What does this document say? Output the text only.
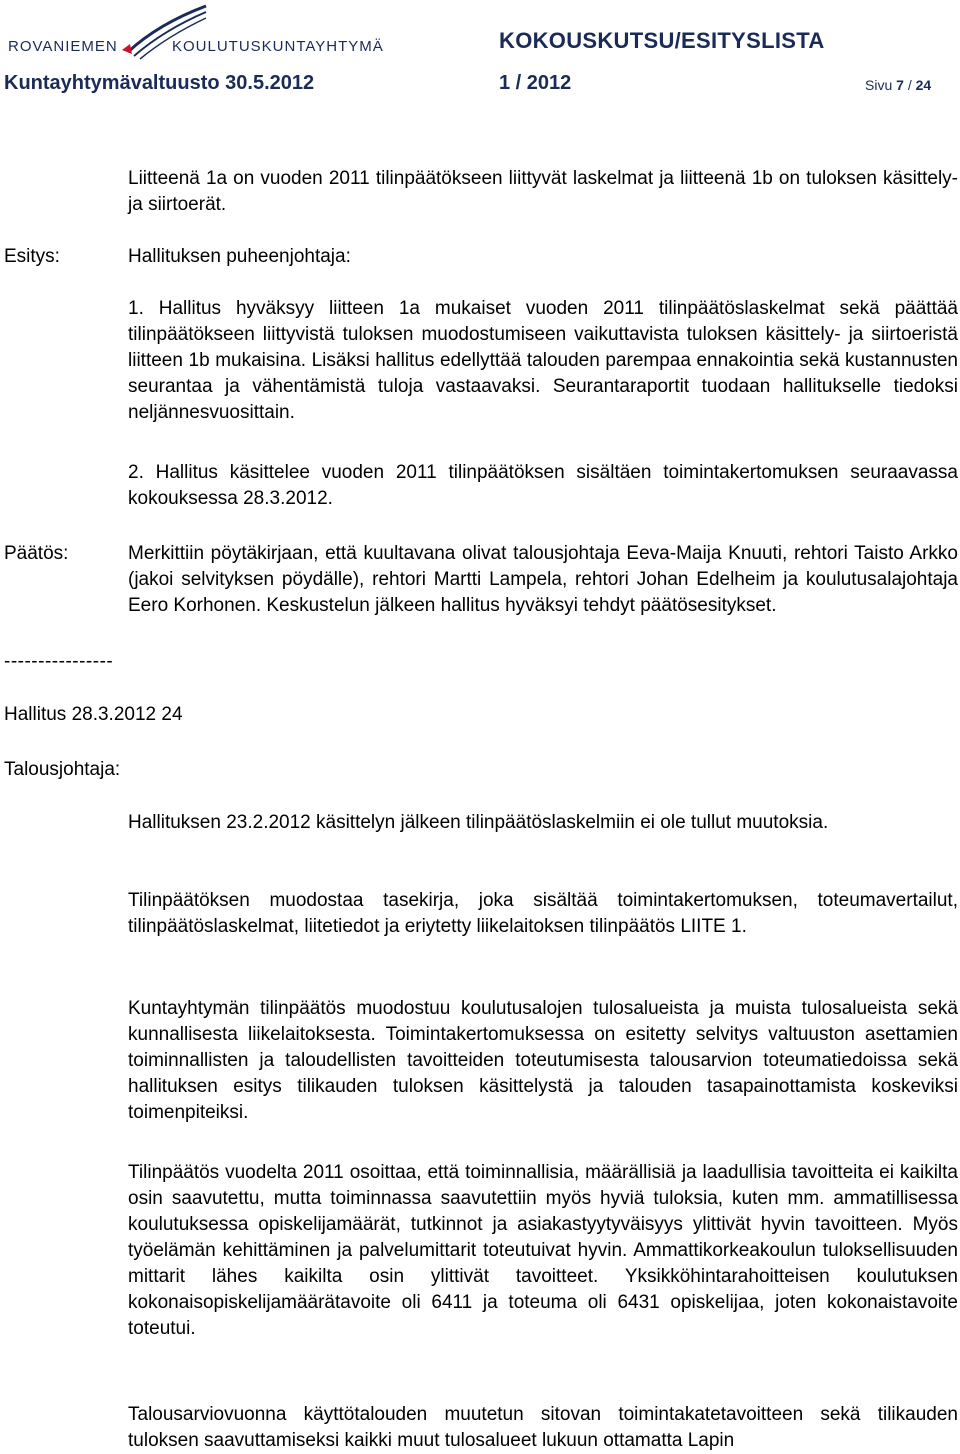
ROVANIEMEN	KOULUTUSKUNTAYHTYMÄ	KOKOUSKUTSU/ESITYSLISTA
Kuntayhtymävaltuusto 30.5.2012	1 / 2012	Sivu 7 / 24
Liitteenä 1a on vuoden 2011 tilinpäätökseen liittyvät laskelmat ja liitteenä 1b on tuloksen käsittely- ja siirtoerät.
Esitys:	Hallituksen puheenjohtaja:
1. Hallitus hyväksyy liitteen 1a mukaiset vuoden 2011 tilinpäätöslaskelmat sekä päättää tilinpäätökseen liittyvistä tuloksen muodostumiseen vaikuttavista tuloksen käsittely- ja siirtoeristä liitteen 1b mukaisina. Lisäksi hallitus edellyttää talouden parempaa ennakointia sekä kustannusten seurantaa ja vähentämistä tuloja vastaavaksi. Seurantaraportit tuodaan hallitukselle tiedoksi neljännesvuosittain.
2. Hallitus käsittelee vuoden 2011 tilinpäätöksen sisältäen toimintakertomuksen seuraavassa kokouksessa 28.3.2012.
Päätös:	Merkittiin pöytäkirjaan, että kuultavana olivat talousjohtaja Eeva-Maija Knuuti, rehtori Taisto Arkko (jakoi selvityksen pöydälle), rehtori Martti Lampela, rehtori Johan Edelheim ja koulutusalajohtaja Eero Korhonen. Keskustelun jälkeen hallitus hyväksyi tehdyt päätösesitykset.
----------------
Hallitus 28.3.2012 24
Talousjohtaja:
Hallituksen 23.2.2012 käsittelyn jälkeen tilinpäätöslaskelmiin ei ole tullut muutoksia.
Tilinpäätöksen muodostaa tasekirja, joka sisältää toimintakertomuksen, toteumavertailut, tilinpäätöslaskelmat, liitetiedot ja eriytetty liikelaitoksen tilinpäätös LIITE 1.
Kuntayhtymän tilinpäätös muodostuu koulutusalojen tulosalueista ja muista tulosalueista sekä kunnallisesta liikelaitoksesta. Toimintakertomuksessa on esitetty selvitys valtuuston asettamien toiminnallisten ja taloudellisten tavoitteiden toteutumisesta talousarvion toteumatiedoissa sekä hallituksen esitys tilikauden tuloksen käsittelystä ja talouden tasapainottamista koskeviksi toimenpiteiksi.
Tilinpäätös vuodelta 2011 osoittaa, että toiminnallisia, määrällisiä ja laadullisia tavoitteita ei kaikilta osin saavutettu, mutta toiminnassa saavutettiin myös hyviä tuloksia, kuten mm. ammatillisessa koulutuksessa opiskelijamäärät, tutkinnot ja asiakastyytyväisyys ylittivät hyvin tavoitteen. Myös työelämän kehittäminen ja palvelumittarit toteutuivat hyvin. Ammattikorkeakoulun tuloksellisuuden mittarit lähes kaikilta osin ylittivät tavoitteet. Yksikköhintarahoitteisen koulutuksen kokonaisopiskelijamäärätavoite oli 6411 ja toteuma oli 6431 opiskelijaa, joten kokonaistavoite toteutui.
Talousarviovuonna käyttötalouden muutetun sitovan toimintakatetavoitteen sekä tilikauden tuloksen saavuttamiseksi kaikki muut tulosalueet lukuun ottamatta Lapin
